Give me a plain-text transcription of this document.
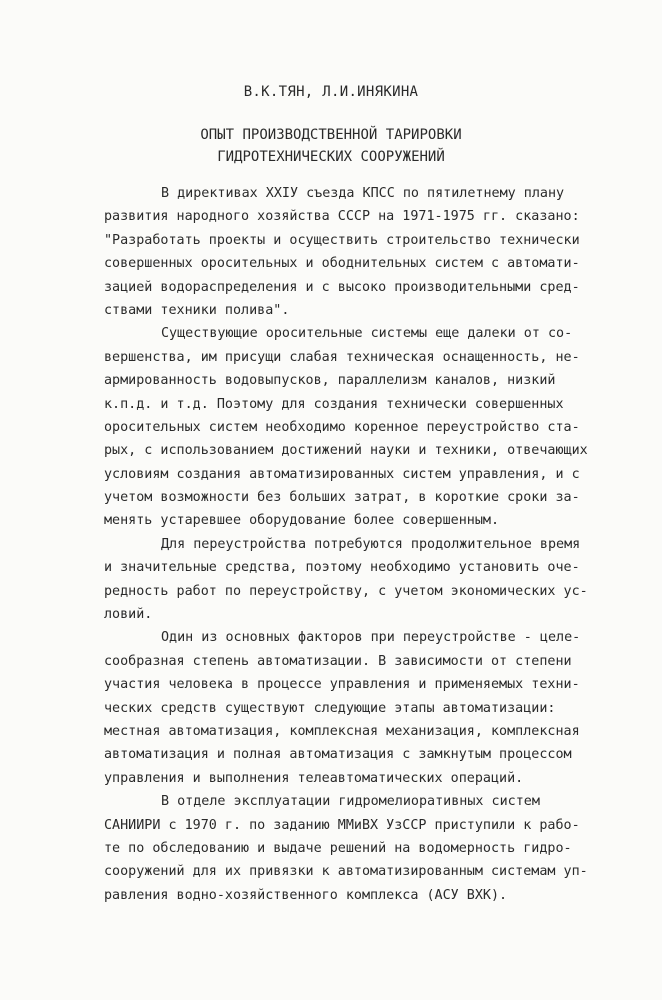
В.К.ТЯН, Л.И.ИНЯКИНА
ОПЫТ ПРОИЗВОДСТВЕННОЙ ТАРИРОВКИ
ГИДРОТЕХНИЧЕСКИХ СООРУЖЕНИЙ
В директивах XXIУ съезда КПСС по пятилетнему плану
развития народного хозяйства СССР на 1971-1975 гг. сказано:
"Разработать проекты и осуществить строительство технически
совершенных оросительных и ободнительных систем с автомати-
зацией водораспределения и с высоко производительными сред-
ствами техники полива".
Существующие оросительные системы еще далеки от со-
вершенства, им присущи слабая техническая оснащенность, не-
армированность водовыпусков, параллелизм каналов, низкий
к.п.д. и т.д. Поэтому для создания технически совершенных
оросительных систем необходимо коренное переустройство ста-
рых, с использованием достижений науки и техники, отвечающих
условиям создания автоматизированных систем управления, и с
учетом возможности без больших затрат, в короткие сроки за-
менять устаревшее оборудование более совершенным.
Для переустройства потребуются продолжительное время
и значительные средства, поэтому необходимо установить оче-
редность работ по переустройству, с учетом экономических ус-
ловий.
Один из основных факторов при переустройстве - целе-
сообразная степень автоматизации. В зависимости от степени
участия человека в процессе управления и применяемых техни-
ческих средств существуют следующие этапы автоматизации:
местная автоматизация, комплексная механизация, комплексная
автоматизация и полная автоматизация с замкнутым процессом
управления и выполнения телеавтоматических операций.
В отделе эксплуатации гидромелиоративных систем
САНИИРИ с 1970 г. по заданию ММиВХ УзССР приступили к рабо-
те по обследованию и выдаче решений на водомерность гидро-
сооружений для их привязки к автоматизированным системам уп-
равления водно-хозяйственного комплекса (АСУ ВХК).
